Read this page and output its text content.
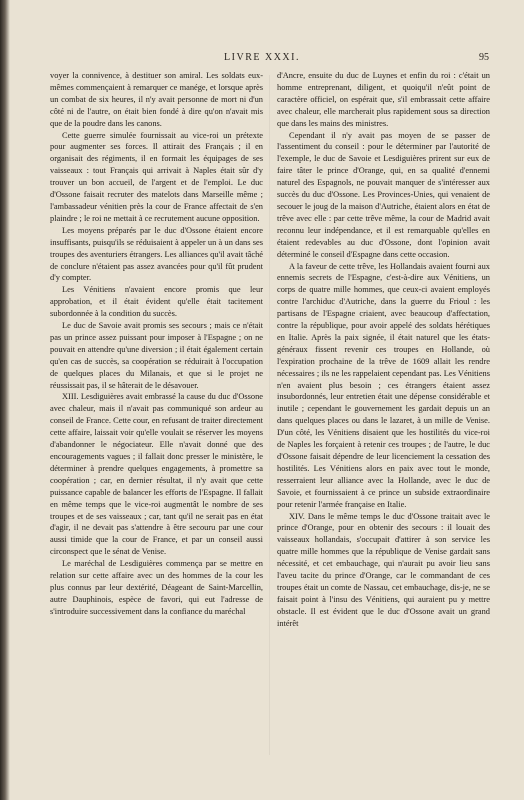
LIVRE XXXI.	95

voyer la connivence, à destituer son amiral. Les soldats eux-mêmes commençaient à remarquer ce manége, et lorsque après un combat de six heures, il n'y avait personne de mort ni d'un côté ni de l'autre, on était bien fondé à dire qu'on n'avait mis que de la poudre dans les canons.

Cette guerre simulée fournissait au vice-roi un prétexte pour augmenter ses forces. Il attirait des Français ; il en organisait des régiments, il en formait les équipages de ses vaisseaux : tout Français qui arrivait à Naples était sûr d'y trouver un bon accueil, de l'argent et de l'emploi. Le duc d'Ossone faisait recruter des matelots dans Marseille même ; l'ambassadeur vénitien près la cour de France affectait de s'en plaindre ; le roi ne mettait à ce recrutement aucune opposition.

Les moyens préparés par le duc d'Ossone étaient encore insuffisants, puisqu'ils se réduisaient à appeler un à un dans ses troupes des aventuriers étrangers. Les alliances qu'il avait tâché de conclure n'étaient pas assez avancées pour qu'il fût prudent d'y compter.

Les Vénitiens n'avaient encore promis que leur approbation, et il était évident qu'elle était tacitement subordonnée à la condition du succès.

Le duc de Savoie avait promis ses secours ; mais ce n'était pas un prince assez puissant pour imposer à l'Espagne ; on ne pouvait en attendre qu'une diversion ; il était également certain qu'en cas de succès, sa coopération se réduirait à l'occupation de quelques places du Milanais, et que si le projet ne réussissait pas, il se hâterait de le désavouer.

XIII. Lesdiguières avait embrassé la cause du duc d'Ossone avec chaleur, mais il n'avait pas communiqué son ardeur au conseil de France. Cette cour, en refusant de traiter directement cette affaire, laissait voir qu'elle voulait se réserver les moyens d'abandonner le négociateur. Elle n'avait donné que des encouragements vagues ; il fallait donc presser le ministère, le déterminer à prendre quelques engagements, à promettre sa coopération ; car, en dernier résultat, il n'y avait que cette puissance capable de balancer les efforts de l'Espagne. Il fallait en même temps que le vice-roi augmentât le nombre de ses troupes et de ses vaisseaux ; car, tant qu'il ne serait pas en état d'agir, il ne devait pas s'attendre à être secouru par une cour aussi timide que la cour de France, et par un conseil aussi circonspect que le sénat de Venise.

Le maréchal de Lesdiguières commença par se mettre en relation sur cette affaire avec un des hommes de la cour les plus connus par leur dextérité, Déageant de Saint-Marcellin, autre Dauphinois, espèce de favori, qui eut l'adresse de s'introduire successivement dans la confiance du maréchal

d'Ancre, ensuite du duc de Luynes et enfin du roi : c'était un homme entreprenant, diligent, et quoiqu'il n'eût point de caractère officiel, on espérait que, s'il embrassait cette affaire avec chaleur, elle marcherait plus rapidement sous sa direction que dans les mains des ministres.

Cependant il n'y avait pas moyen de se passer de l'assentiment du conseil : pour le déterminer par l'autorité de l'exemple, le duc de Savoie et Lesdiguières prirent sur eux de faire tâter le prince d'Orange, qui, en sa qualité d'ennemi naturel des Espagnols, ne pouvait manquer de s'intéresser aux succès du duc d'Ossone. Les Provinces-Unies, qui venaient de secouer le joug de la maison d'Autriche, étaient alors en état de trêve avec elle : par cette trêve même, la cour de Madrid avait reconnu leur indépendance, et il est remarquable qu'elles en étaient redevables au duc d'Ossone, dont l'opinion avait déterminé le conseil d'Espagne dans cette occasion.

A la faveur de cette trêve, les Hollandais avaient fourni aux ennemis secrets de l'Espagne, c'est-à-dire aux Vénitiens, un corps de quatre mille hommes, que ceux-ci avaient employés contre l'archiduc d'Autriche, dans la guerre du Frioul : les partisans de l'Espagne criaient, avec beaucoup d'affectation, contre la république, pour avoir appelé des soldats hérétiques en Italie. Après la paix signée, il était naturel que les états-généraux fissent revenir ces troupes en Hollande, où l'expiration prochaine de la trêve de 1609 allait les rendre nécessaires ; ils ne les rappelaient cependant pas. Les Vénitiens n'en avaient plus besoin ; ces étrangers étaient assez insubordonnés, leur entretien était une dépense considérable et inutile ; cependant le gouvernement les gardait depuis un an dans quelques places ou dans le lazaret, à un mille de Venise. D'un côté, les Vénitiens disaient que les hostilités du vice-roi de Naples les forçaient à retenir ces troupes ; de l'autre, le duc d'Ossone faisait dépendre de leur licenciement la cessation des hostilités. Les Vénitiens alors en paix avec tout le monde, resserraient leur alliance avec la Hollande, avec le duc de Savoie, et fournissaient à ce prince un subside extraordinaire pour retenir l'armée française en Italie.

XIV. Dans le même temps le duc d'Ossone traitait avec le prince d'Orange, pour en obtenir des secours : il louait des vaisseaux hollandais, s'occupait d'attirer à son service les quatre mille hommes que la république de Venise gardait sans nécessité, et cet embauchage, qui n'aurait pu avoir lieu sans l'aveu tacite du prince d'Orange, car le commandant de ces troupes était un comte de Nassau, cet embauchage, dis-je, ne se faisait point à l'insu des Vénitiens, qui auraient pu y mettre obstacle. Il est évident que le duc d'Ossone avait un grand intérêt
